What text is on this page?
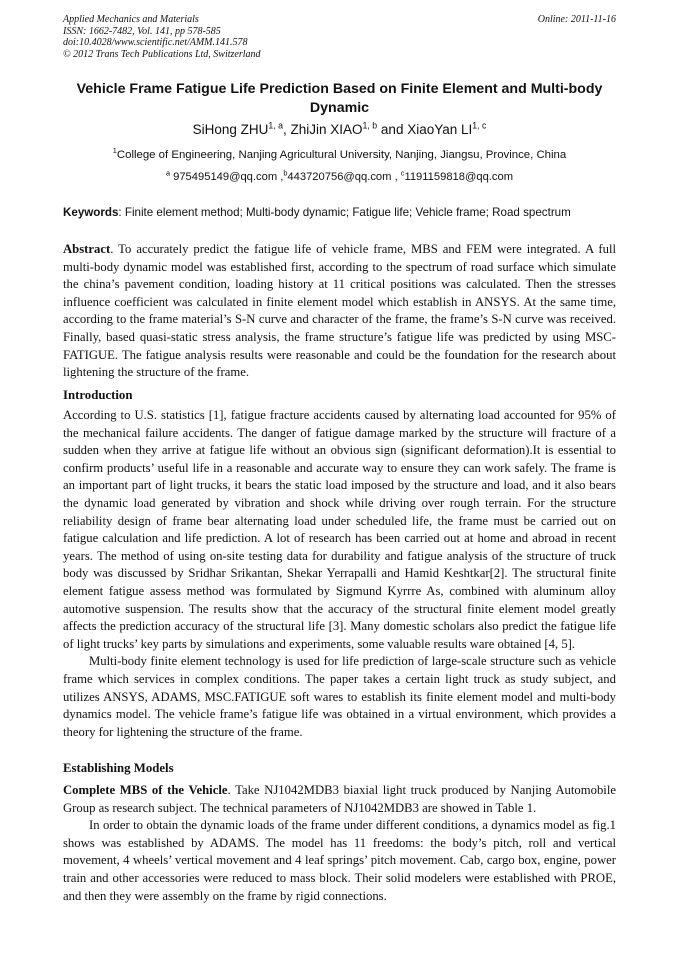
Applied Mechanics and Materials
ISSN: 1662-7482, Vol. 141, pp 578-585
doi:10.4028/www.scientific.net/AMM.141.578
© 2012 Trans Tech Publications Ltd, Switzerland
Online: 2011-11-16
Vehicle Frame Fatigue Life Prediction Based on Finite Element and Multi-body Dynamic
SiHong ZHU$^{1, a}$, ZhiJin XIAO$^{1, b}$ and XiaoYan LI$^{1, c}$
$^1$College of Engineering, Nanjing Agricultural University, Nanjing, Jiangsu, Province, China
$^a$ 975495149@qq.com ,$^b$443720756@qq.com , $^c$1191159818@qq.com
Keywords: Finite element method; Multi-body dynamic; Fatigue life; Vehicle frame; Road spectrum

Abstract. To accurately predict the fatigue life of vehicle frame, MBS and FEM were integrated. A full multi-body dynamic model was established first, according to the spectrum of road surface which simulate the china’s pavement condition, loading history at 11 critical positions was calculated. Then the stresses influence coefficient was calculated in finite element model which establish in ANSYS. At the same time, according to the frame material’s S-N curve and character of the frame, the frame’s S-N curve was received. Finally, based quasi-static stress analysis, the frame structure’s fatigue life was predicted by using MSC-FATIGUE. The fatigue analysis results were reasonable and could be the foundation for the research about lightening the structure of the frame.

Introduction

According to U.S. statistics [1], fatigue fracture accidents caused by alternating load accounted for 95% of the mechanical failure accidents. The danger of fatigue damage marked by the structure will fracture of a sudden when they arrive at fatigue life without an obvious sign (significant deformation).It is essential to confirm products’ useful life in a reasonable and accurate way to ensure they can work safely. The frame is an important part of light trucks, it bears the static load imposed by the structure and load, and it also bears the dynamic load generated by vibration and shock while driving over rough terrain. For the structure reliability design of frame bear alternating load under scheduled life, the frame must be carried out on fatigue calculation and life prediction. A lot of research has been carried out at home and abroad in recent years. The method of using on-site testing data for durability and fatigue analysis of the structure of truck body was discussed by Sridhar Srikantan, Shekar Yerrapalli and Hamid Keshtkar[2]. The structural finite element fatigue assess method was formulated by Sigmund Kyrrre As, combined with aluminum alloy automotive suspension. The results show that the accuracy of the structural finite element model greatly affects the prediction accuracy of the structural life [3]. Many domestic scholars also predict the fatigue life of light trucks’ key parts by simulations and experiments, some valuable results ware obtained [4, 5].

Multi-body finite element technology is used for life prediction of large-scale structure such as vehicle frame which services in complex conditions. The paper takes a certain light truck as study subject, and utilizes ANSYS, ADAMS, MSC.FATIGUE soft wares to establish its finite element model and multi-body dynamics model. The vehicle frame’s fatigue life was obtained in a virtual environment, which provides a theory for lightening the structure of the frame.

Establishing Models

Complete MBS of the Vehicle. Take NJ1042MDB3 biaxial light truck produced by Nanjing Automobile Group as research subject. The technical parameters of NJ1042MDB3 are showed in Table 1.

In order to obtain the dynamic loads of the frame under different conditions, a dynamics model as fig.1 shows was established by ADAMS. The model has 11 freedoms: the body’s pitch, roll and vertical movement, 4 wheels’ vertical movement and 4 leaf springs’ pitch movement. Cab, cargo box, engine, power train and other accessories were reduced to mass block. Their solid modelers were established with PROE, and then they were assembly on the frame by rigid connections.
